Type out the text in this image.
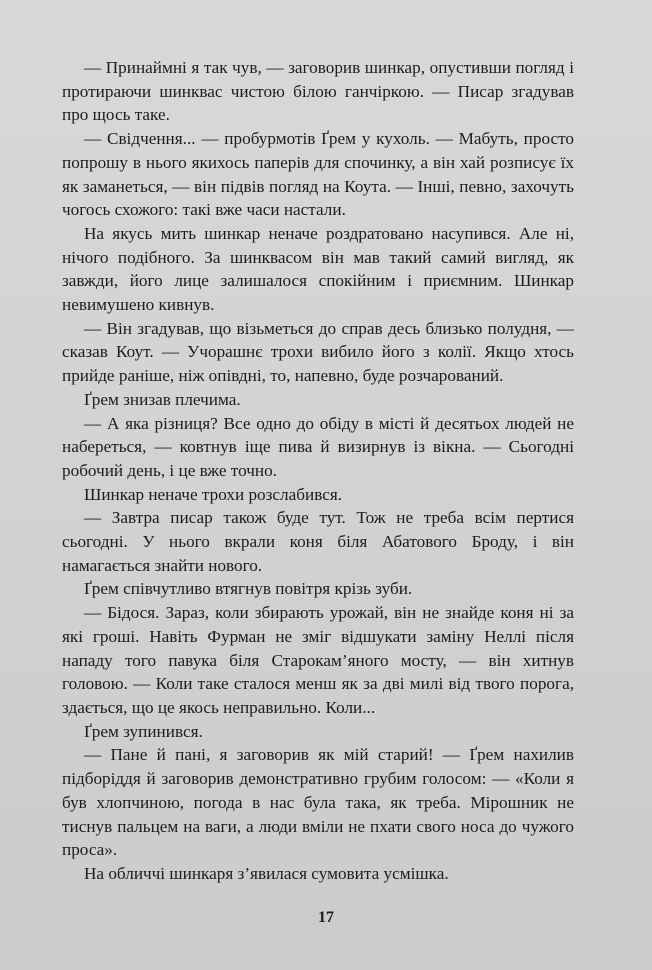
— Принаймні я так чув, — заговорив шинкар, опустивши погляд і протираючи шинквас чистою білою ганчіркою. — Писар згадував про щось таке.

— Свідчення... — пробурмотів Ґрем у кухоль. — Мабуть, просто попрошу в нього якихось паперів для спочинку, а він хай розписує їх як заманеться, — він підвів погляд на Коута. — Інші, певно, захочуть чогось схожого: такі вже часи настали.

На якусь мить шинкар неначе роздратовано насупився. Але ні, нічого подібного. За шинквасом він мав такий самий вигляд, як завжди, його лице залишалося спокійним і приємним. Шинкар невимушено кивнув.

— Він згадував, що візьметься до справ десь близько полудня, — сказав Коут. — Учорашнє трохи вибило його з колії. Якщо хтось прийде раніше, ніж опівдні, то, напевно, буде розчарований.

Ґрем знизав плечима.

— А яка різниця? Все одно до обіду в місті й десятьох людей не набереться, — ковтнув іще пива й визирнув із вікна. — Сьогодні робочий день, і це вже точно.

Шинкар неначе трохи розслабився.

— Завтра писар також буде тут. Тож не треба всім пертися сьогодні. У нього вкрали коня біля Абатового Броду, і він намагається знайти нового.

Ґрем співчутливо втягнув повітря крізь зуби.

— Бідося. Зараз, коли збирають урожай, він не знайде коня ні за які гроші. Навіть Фурман не зміг відшукати заміну Неллі після нападу того павука біля Старокам’яного мосту, — він хитнув головою. — Коли таке сталося менш як за дві милі від твого порога, здається, що це якось неправильно. Коли...

Ґрем зупинився.

— Пане й пані, я заговорив як мій старий! — Ґрем нахилив підборіддя й заговорив демонстративно грубим голосом: — «Коли я був хлопчиною, погода в нас була така, як треба. Мірошник не тиснув пальцем на ваги, а люди вміли не пхати свого носа до чужого проса».

На обличчі шинкаря з’явилася сумовита усмішка.

17
